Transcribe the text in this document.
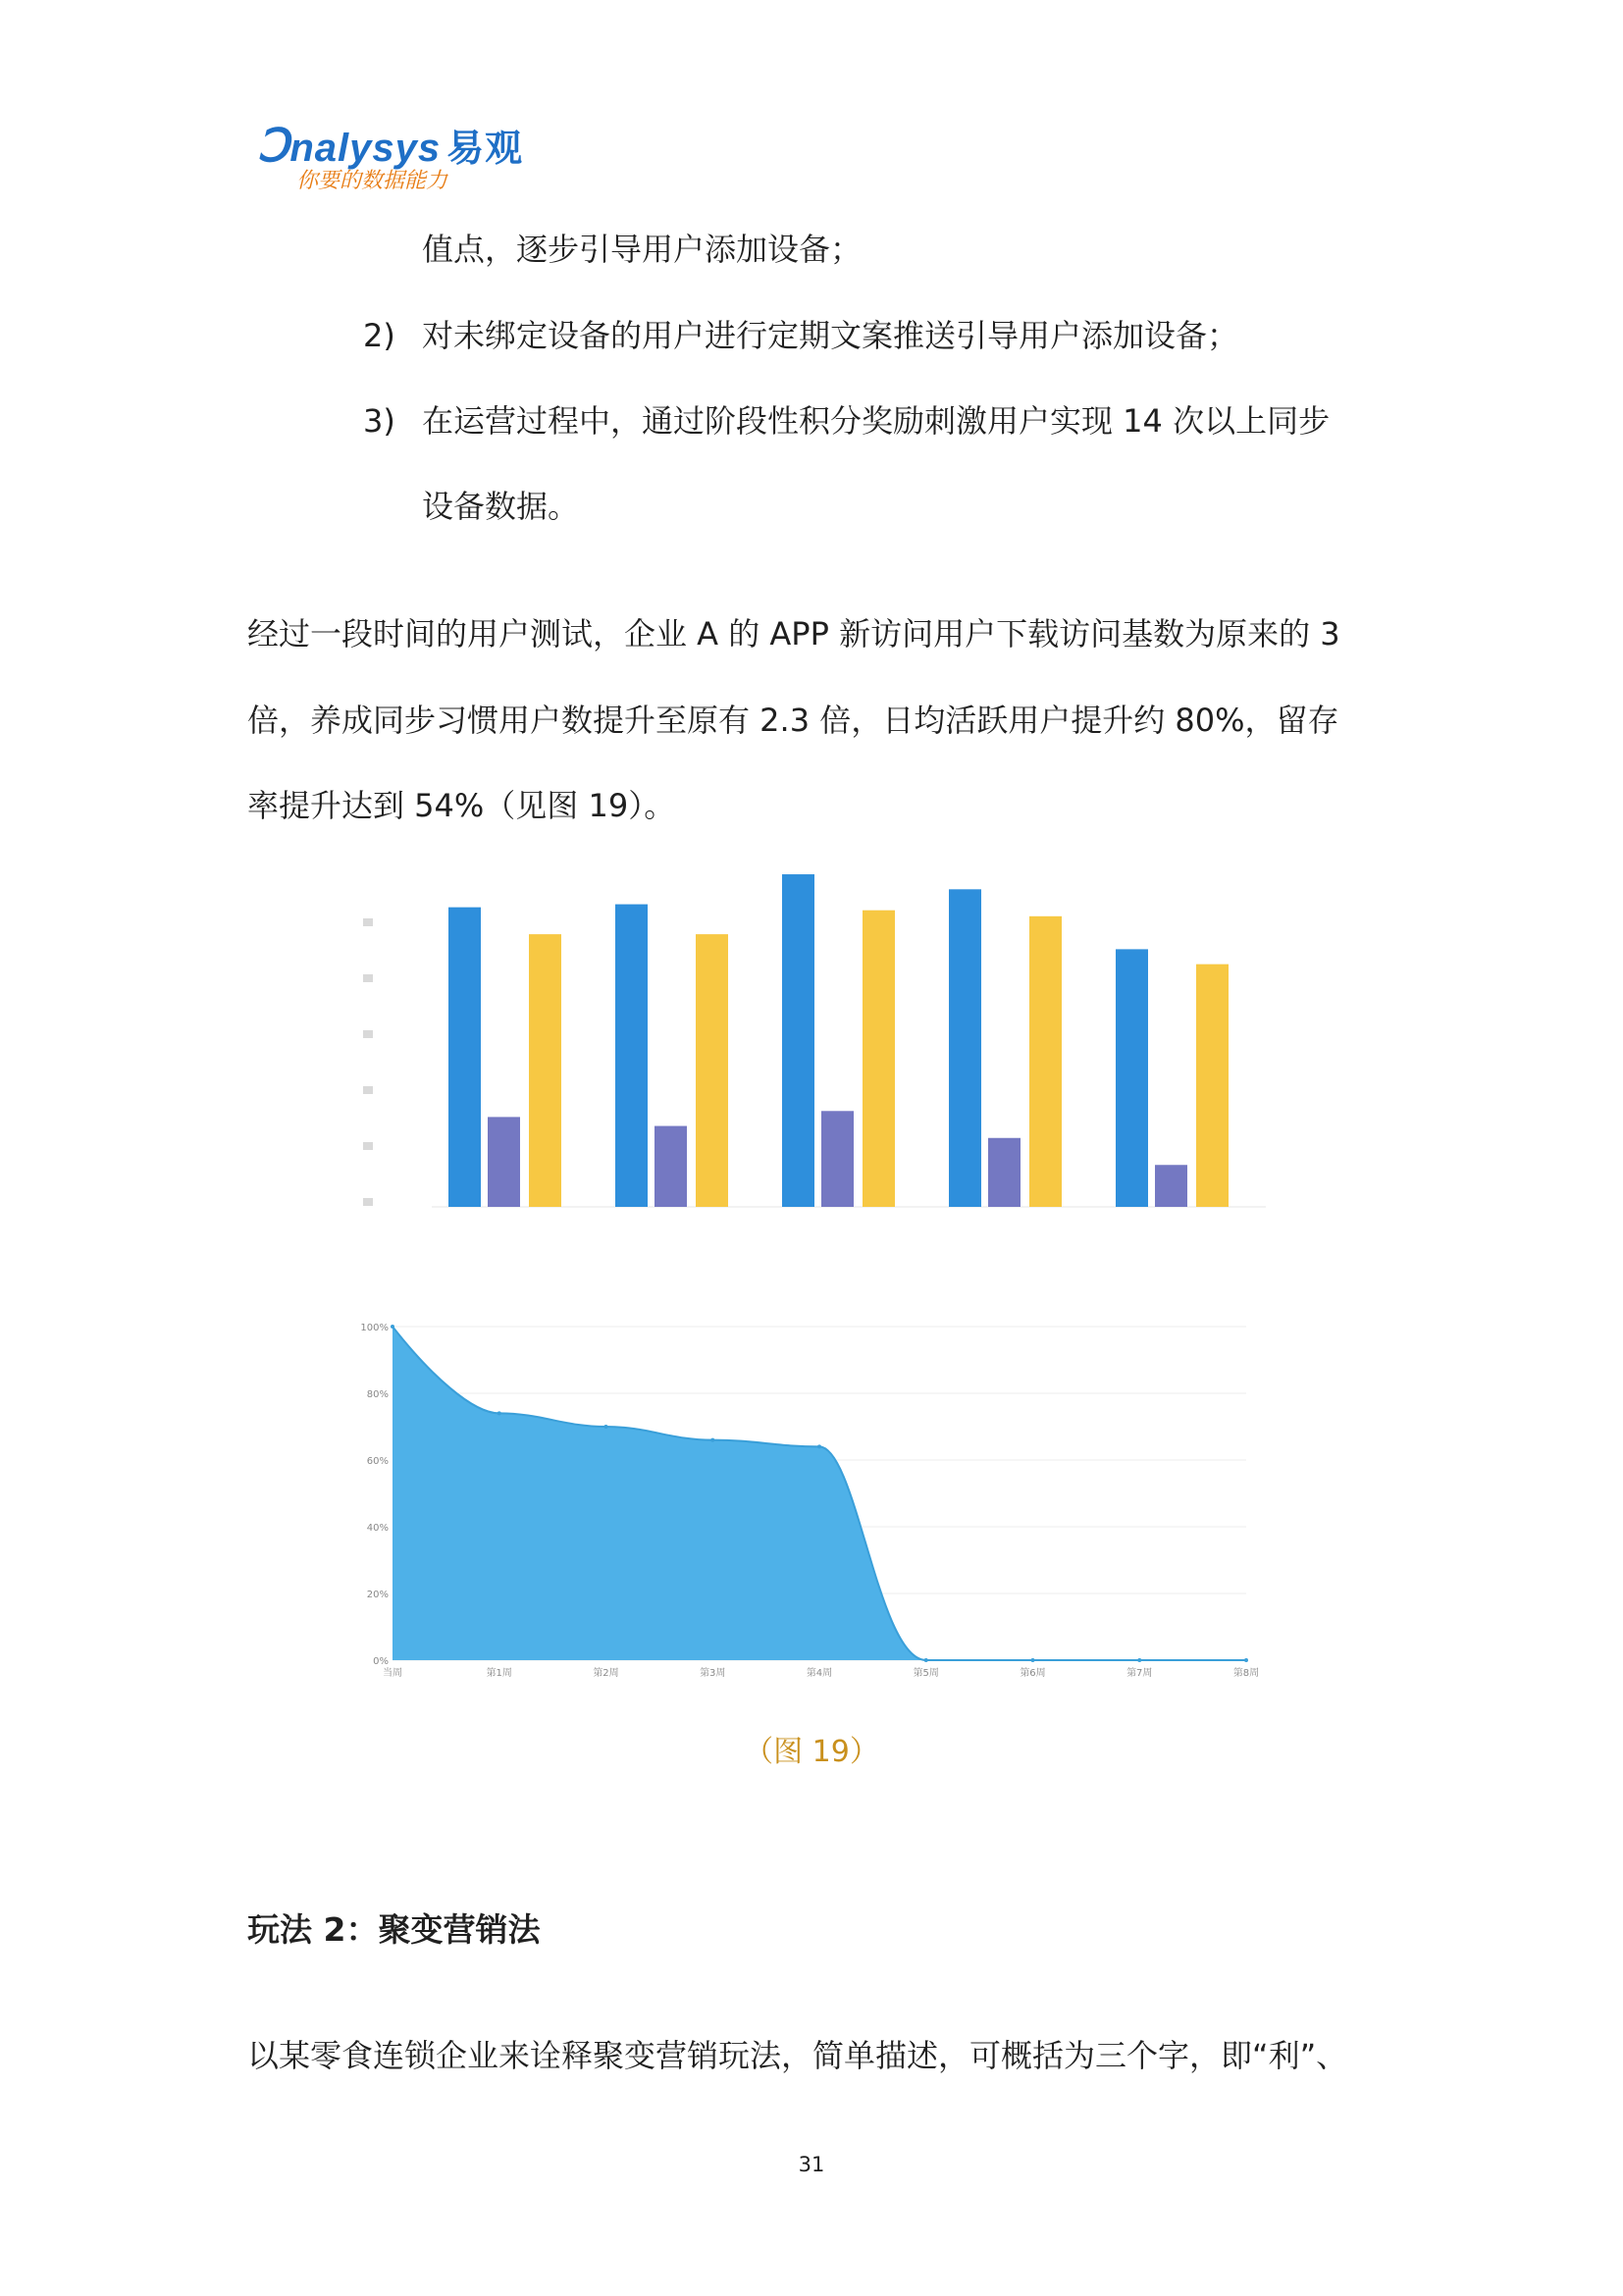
Ↄnalysys 易观
你要的数据能力
值点，逐步引导用户添加设备；
2) 对未绑定设备的用户进行定期文案推送引导用户添加设备；
3) 在运营过程中，通过阶段性积分奖励刺激用户实现 14 次以上同步
设备数据。
经过一段时间的用户测试，企业 A 的 APP 新访问用户下载访问基数为原来的 3
倍，养成同步习惯用户数提升至原有 2.3 倍，日均活跃用户提升约 80%，留存
率提升达到 54%（见图 19）。
0%
20%
40%
60%
80%
100%
当周	第1周	第2周	第3周	第4周	第5周	第6周	第7周	第8周
（图 19）
玩法 2：聚变营销法
以某零食连锁企业来诠释聚变营销玩法，简单描述，可概括为三个字，即“利”、
31
